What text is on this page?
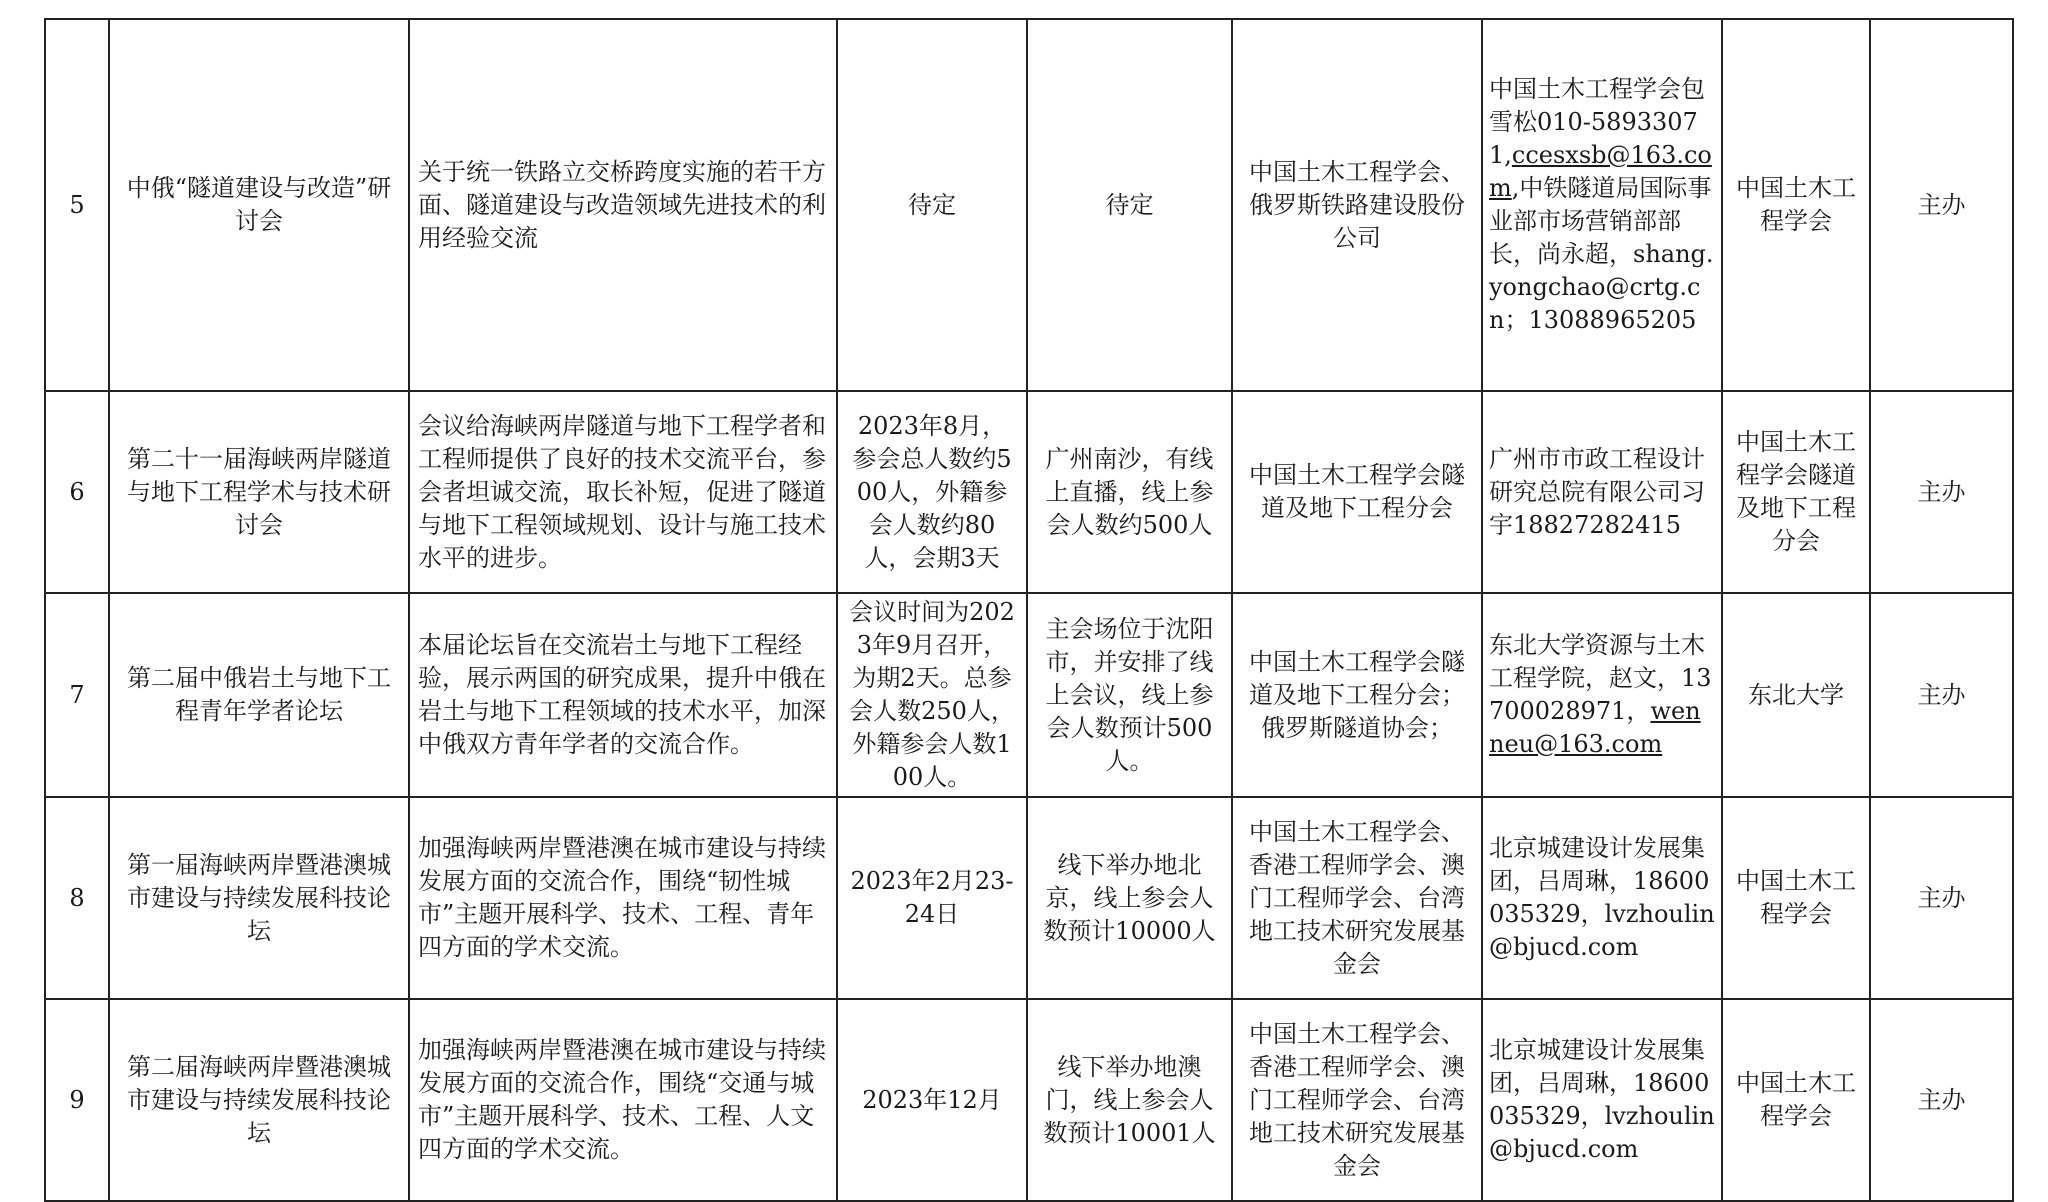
5	中俄“隧道建设与改造”研讨会	关于统一铁路立交桥跨度实施的若干方面、隧道建设与改造领域先进技术的利用经验交流	待定	待定	中国土木工程学会、俄罗斯铁路建设股份公司	中国土木工程学会包雪松010-58933071,ccesxsb@163.com,中铁隧道局国际事业部市场营销部部长，尚永超，shang.yongchao@crtg.cn；13088965205	中国土木工程学会	主办
6	第二十一届海峡两岸隧道与地下工程学术与技术研讨会	会议给海峡两岸隧道与地下工程学者和工程师提供了良好的技术交流平台，参会者坦诚交流，取长补短，促进了隧道与地下工程领域规划、设计与施工技术水平的进步。	2023年8月，参会总人数约500人，外籍参会人数约80人，会期3天	广州南沙，有线上直播，线上参会人数约500人	中国土木工程学会隧道及地下工程分会	广州市市政工程设计研究总院有限公司习宇18827282415	中国土木工程学会隧道及地下工程分会	主办
7	第二届中俄岩土与地下工程青年学者论坛	本届论坛旨在交流岩土与地下工程经验，展示两国的研究成果，提升中俄在岩土与地下工程领域的技术水平，加深中俄双方青年学者的交流合作。	会议时间为2023年9月召开，为期2天。总参会人数250人，外籍参会人数100人。	主会场位于沈阳市，并安排了线上会议，线上参会人数预计500人。	中国土木工程学会隧道及地下工程分会；俄罗斯隧道协会；	东北大学资源与土木工程学院，赵文，13700028971，wenneu@163.com	东北大学	主办
8	第一届海峡两岸暨港澳城市建设与持续发展科技论坛	加强海峡两岸暨港澳在城市建设与持续发展方面的交流合作，围绕“韧性城市”主题开展科学、技术、工程、青年四方面的学术交流。	2023年2月23-24日	线下举办地北京，线上参会人数预计10000人	中国土木工程学会、香港工程师学会、澳门工程师学会、台湾地工技术研究发展基金会	北京城建设计发展集团，吕周琳，18600035329，lvzhoulin@bjucd.com	中国土木工程学会	主办
9	第二届海峡两岸暨港澳城市建设与持续发展科技论坛	加强海峡两岸暨港澳在城市建设与持续发展方面的交流合作，围绕“交通与城市”主题开展科学、技术、工程、人文四方面的学术交流。	2023年12月	线下举办地澳门，线上参会人数预计10001人	中国土木工程学会、香港工程师学会、澳门工程师学会、台湾地工技术研究发展基金会	北京城建设计发展集团，吕周琳，18600035329，lvzhoulin@bjucd.com	中国土木工程学会	主办
